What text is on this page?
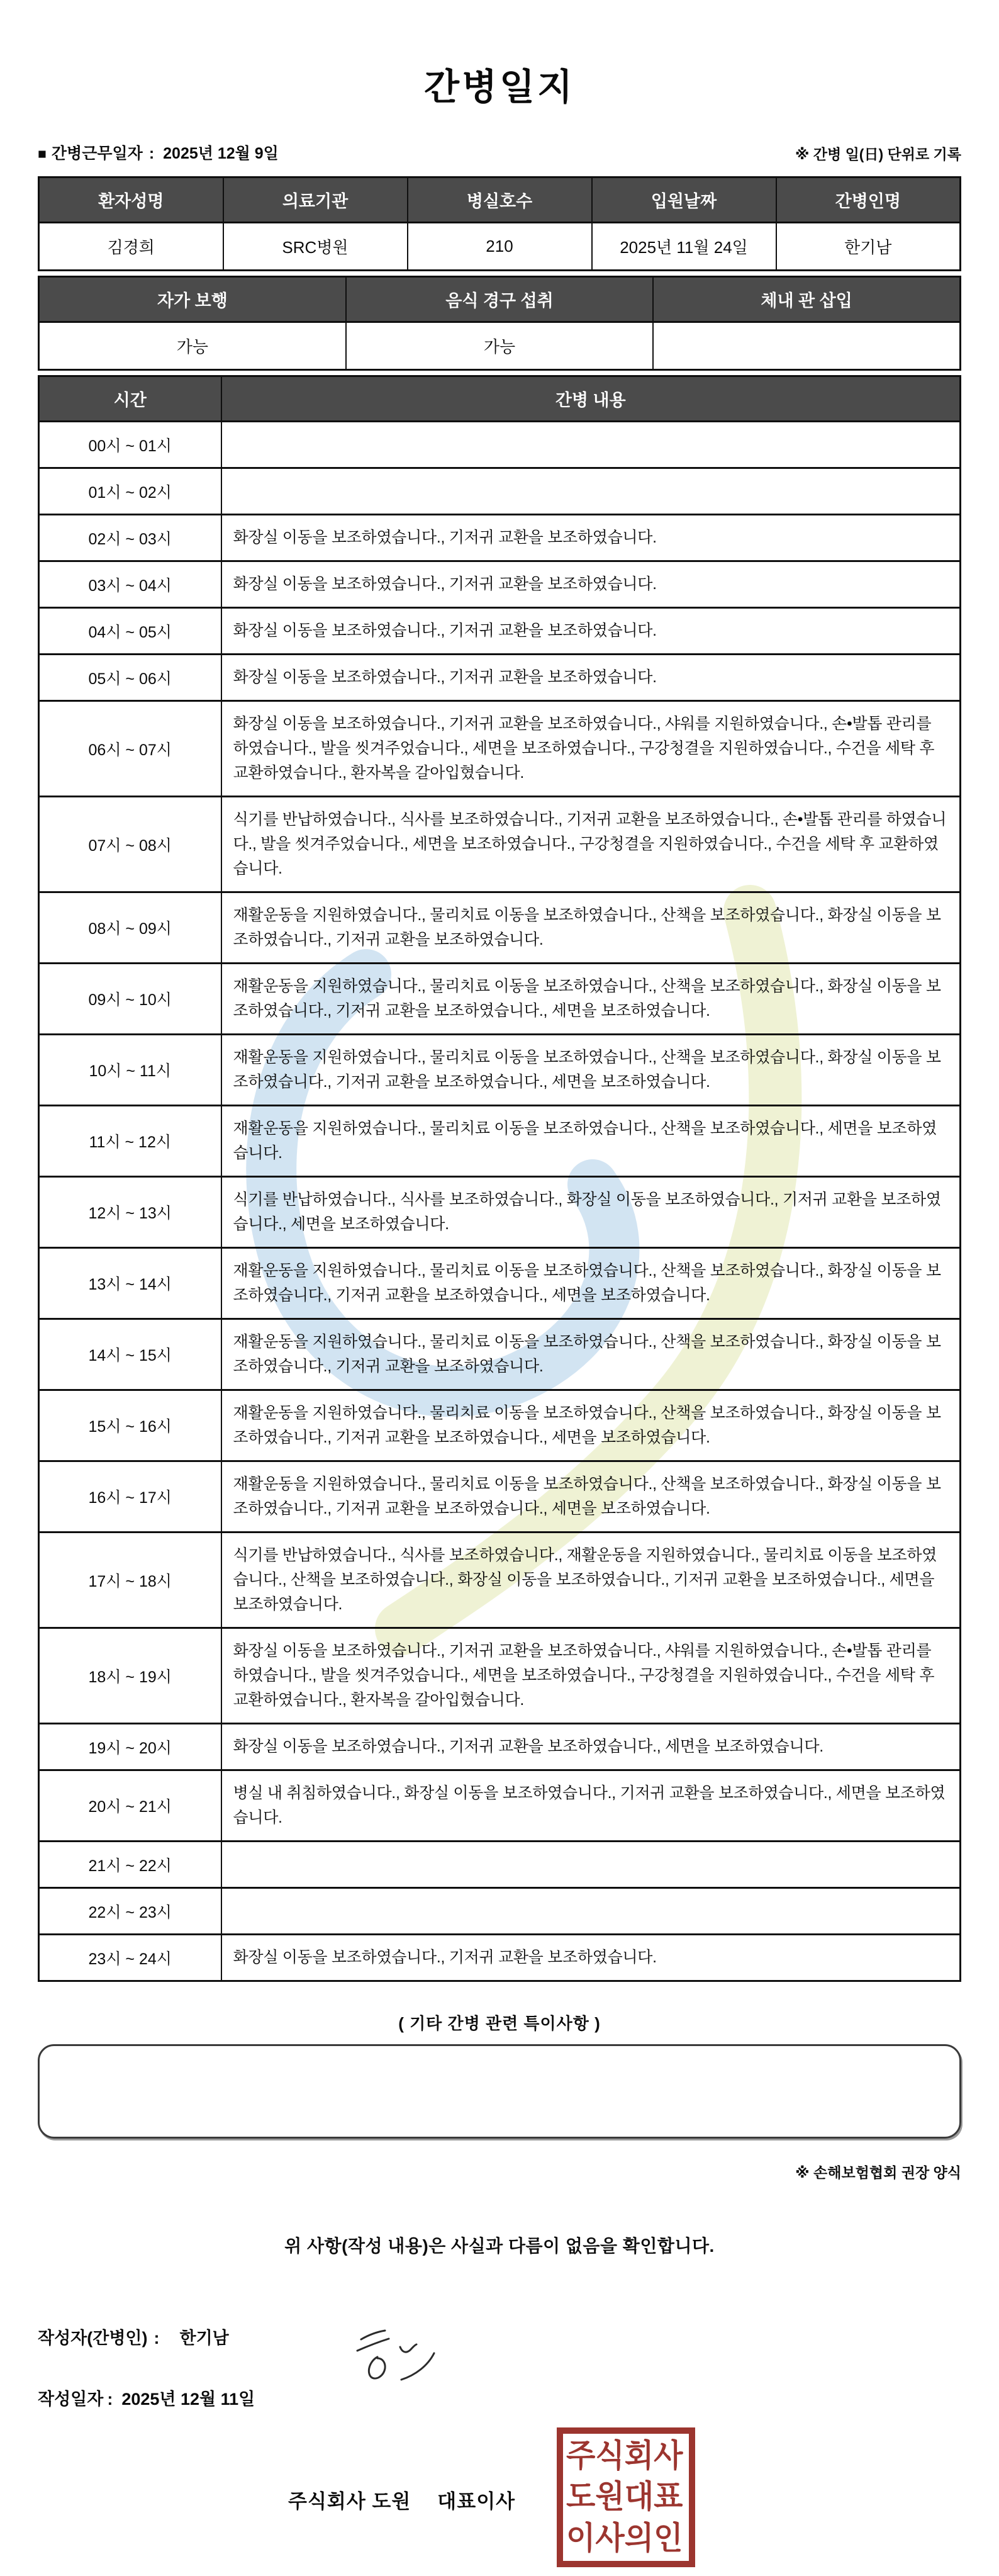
간병일지
■ 간병근무일자 : 2025년 12월 9일	※ 간병 일(日) 단위로 기록
환자성명	의료기관	병실호수	입원날짜	간병인명
김경희	SRC병원	210	2025년 11월 24일	한기남
자가 보행	음식 경구 섭취	체내 관 삽입
가능	가능	
시간	간병 내용
00시 ~ 01시	

01시 ~ 02시	

02시 ~ 03시	화장실 이동을 보조하였습니다., 기저귀 교환을 보조하였습니다.

03시 ~ 04시	화장실 이동을 보조하였습니다., 기저귀 교환을 보조하였습니다.

04시 ~ 05시	화장실 이동을 보조하였습니다., 기저귀 교환을 보조하였습니다.

05시 ~ 06시	화장실 이동을 보조하였습니다., 기저귀 교환을 보조하였습니다.

06시 ~ 07시	화장실 이동을 보조하였습니다., 기저귀 교환을 보조하였습니다., 샤워를 지원하였습니다., 손•발톱 관리를 하였습니다., 발을 씻겨주었습니다., 세면을 보조하였습니다., 구강청결을 지원하였습니다., 수건을 세탁 후 교환하였습니다., 환자복을 갈아입혔습니다.

07시 ~ 08시	식기를 반납하였습니다., 식사를 보조하였습니다., 기저귀 교환을 보조하였습니다., 손•발톱 관리를 하였습니다., 발을 씻겨주었습니다., 세면을 보조하였습니다., 구강청결을 지원하였습니다., 수건을 세탁 후 교환하였습니다.

08시 ~ 09시	재활운동을 지원하였습니다., 물리치료 이동을 보조하였습니다., 산책을 보조하였습니다., 화장실 이동을 보조하였습니다., 기저귀 교환을 보조하였습니다.

09시 ~ 10시	재활운동을 지원하였습니다., 물리치료 이동을 보조하였습니다., 산책을 보조하였습니다., 화장실 이동을 보조하였습니다., 기저귀 교환을 보조하였습니다., 세면을 보조하였습니다.

10시 ~ 11시	재활운동을 지원하였습니다., 물리치료 이동을 보조하였습니다., 산책을 보조하였습니다., 화장실 이동을 보조하였습니다., 기저귀 교환을 보조하였습니다., 세면을 보조하였습니다.

11시 ~ 12시	재활운동을 지원하였습니다., 물리치료 이동을 보조하였습니다., 산책을 보조하였습니다., 세면을 보조하였습니다.

12시 ~ 13시	식기를 반납하였습니다., 식사를 보조하였습니다., 화장실 이동을 보조하였습니다., 기저귀 교환을 보조하였습니다., 세면을 보조하였습니다.

13시 ~ 14시	재활운동을 지원하였습니다., 물리치료 이동을 보조하였습니다., 산책을 보조하였습니다., 화장실 이동을 보조하였습니다., 기저귀 교환을 보조하였습니다., 세면을 보조하였습니다.

14시 ~ 15시	재활운동을 지원하였습니다., 물리치료 이동을 보조하였습니다., 산책을 보조하였습니다., 화장실 이동을 보조하였습니다., 기저귀 교환을 보조하였습니다.

15시 ~ 16시	재활운동을 지원하였습니다., 물리치료 이동을 보조하였습니다., 산책을 보조하였습니다., 화장실 이동을 보조하였습니다., 기저귀 교환을 보조하였습니다., 세면을 보조하였습니다.

16시 ~ 17시	재활운동을 지원하였습니다., 물리치료 이동을 보조하였습니다., 산책을 보조하였습니다., 화장실 이동을 보조하였습니다., 기저귀 교환을 보조하였습니다., 세면을 보조하였습니다.

17시 ~ 18시	식기를 반납하였습니다., 식사를 보조하였습니다., 재활운동을 지원하였습니다., 물리치료 이동을 보조하였습니다., 산책을 보조하였습니다., 화장실 이동을 보조하였습니다., 기저귀 교환을 보조하였습니다., 세면을 보조하였습니다.

18시 ~ 19시	화장실 이동을 보조하였습니다., 기저귀 교환을 보조하였습니다., 샤워를 지원하였습니다., 손•발톱 관리를 하였습니다., 발을 씻겨주었습니다., 세면을 보조하였습니다., 구강청결을 지원하였습니다., 수건을 세탁 후 교환하였습니다., 환자복을 갈아입혔습니다.

19시 ~ 20시	화장실 이동을 보조하였습니다., 기저귀 교환을 보조하였습니다., 세면을 보조하였습니다.

20시 ~ 21시	병실 내 취침하였습니다., 화장실 이동을 보조하였습니다., 기저귀 교환을 보조하였습니다., 세면을 보조하였습니다.

21시 ~ 22시	

22시 ~ 23시	

23시 ~ 24시	화장실 이동을 보조하였습니다., 기저귀 교환을 보조하였습니다.
( 기타 간병 관련 특이사항 )
※ 손해보험협회 권장 양식
위 사항(작성 내용)은 사실과 다름이 없음을 확인합니다.
작성자(간병인) : 한기남
작성일자 : 2025년 12월 11일
주식회사 도원 대표이사
주식회사
도원대표
이사의인
